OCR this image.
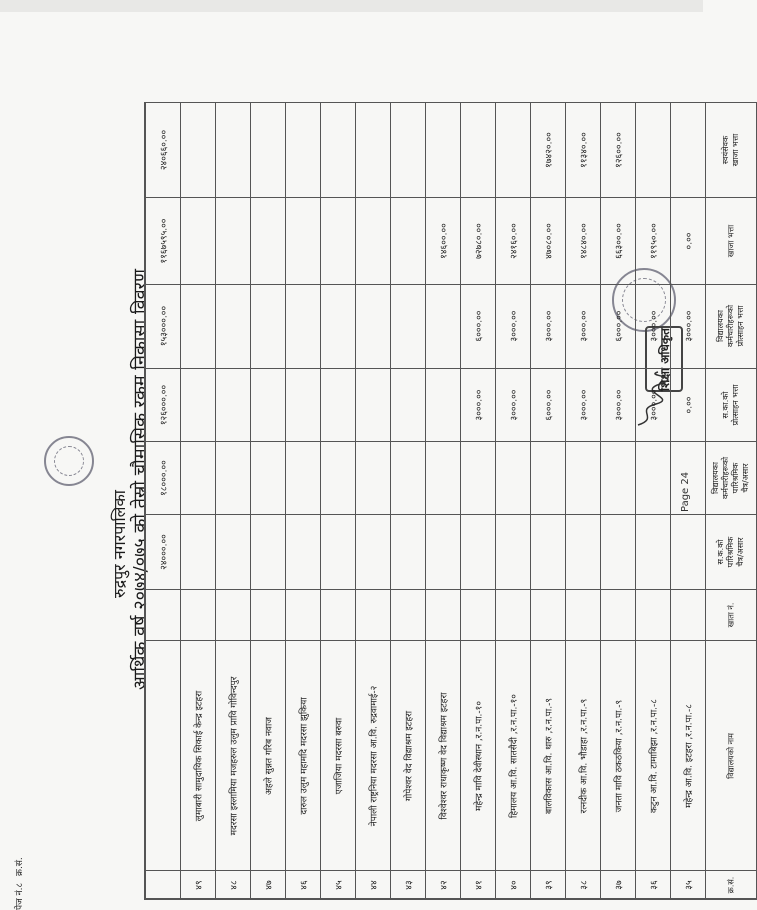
रुद्रपुर नगरपालिका आर्थिक वर्ष २०७४/०७५ को तेस्रो चौमासिक रकम निकासा विवरण	शिक्षा अधिकृत
Page 24
क्र.सं.
विद्यालयको नाम
खाता नं.
स.क.को
पारिश्रमिक
चैत्र/असार
विद्यालयका
कर्मचारीहरूको
पारिश्रमिक
चैत्र/असार
स.का.को
प्रोत्साहन भत्ता
विद्यालयका
कर्मचारीहरूको
प्रोत्साहन भत्ता
खाजा भत्ता
स्वयंसेवक
खाजा भत्ता
३५
महेन्द्र आ.वि. इटहरा ,र.न.पा.-८
०.००
३०००.००
०.००
३६
कटुन आ.वि. टामाबिझा ,र.न.पा.-८
३०००.००
३०००.००
११९५०.००
३७
जनता मावि ठकठकिया ,र.न.पा.-९
३०००.००
६०००.००
६६३००.००
१२६००.००
३८
रत्नदीक आ.वि. भौडाहा ,र.न.पा.-९
३०००.००
३०००.००
१४८४०.००
११३४०.००
३९
बालविकास आ.वि. थारु ,र.न.पा.-९
६०००.००
३०००.००
४७०८०.००
१७४२०.००
४०
हिमालय आ.वि. सातसैदी ,र.न.पा.-१०
३०००.००
३०००.००
२४१६०.००
४१
महेन्द्र मावि देवीस्थान ,र.न.पा.-१०
३०००.००
६०००.००
७२७८०.००
४२
विश्वेश्वर राधाकृष्ण वेद विद्याश्रम इटहरा
१४६००.००
४३
गोपेश्वर वेद विद्याश्रम इटहरा
४४
नेपाली राष्ट्रनिया मदरसा आ.वि. रुद्रवामाई-२
४५
एजाजिया मदरसा बरुवा
४६
दारुल उलुम महामदि मदरसा झुकिया
४७
अहले सुन्नत गरिब नवाज
४८
मदरसा इस्लामिया मजहरुल उलुम प्रावि गोविन्दपुर
४९
लुमाबारी सामुदायिक सिकाई केन्द्र इटहरा
२४०००.००
१८०००.००
१२६०००.००
१५३०००.००
११६७५९५.००
२४०६६०.००
पेज नं.८ क्र.सं.
